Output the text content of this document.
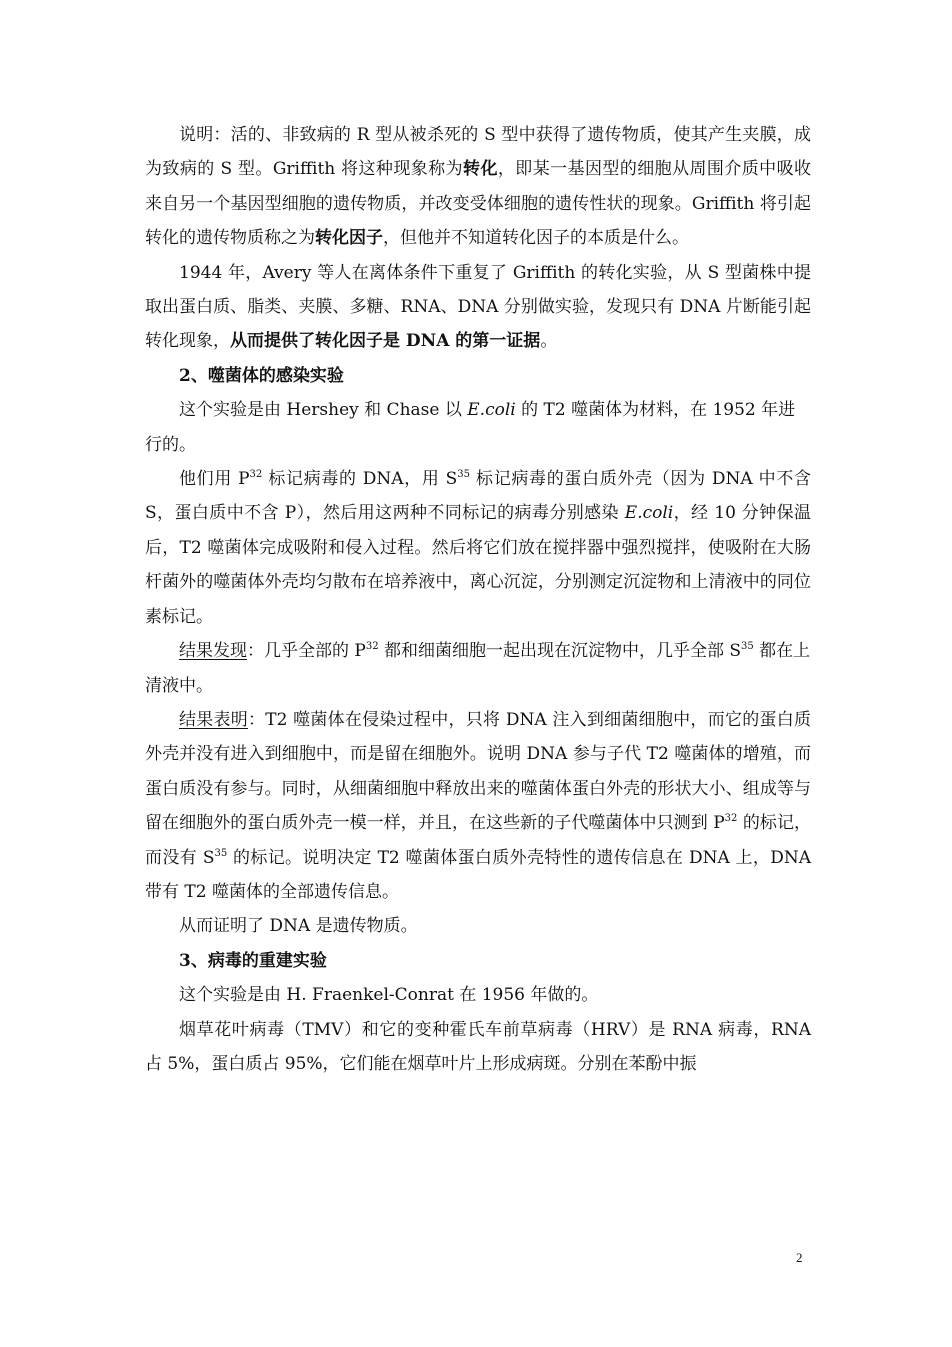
说明：活的、非致病的 R 型从被杀死的 S 型中获得了遗传物质，使其产生夹膜，成为致病的 S 型。Griffith 将这种现象称为转化，即某一基因型的细胞从周围介质中吸收来自另一个基因型细胞的遗传物质，并改变受体细胞的遗传性状的现象。Griffith 将引起转化的遗传物质称之为转化因子，但他并不知道转化因子的本质是什么。

1944 年，Avery 等人在离体条件下重复了 Griffith 的转化实验，从 S 型菌株中提取出蛋白质、脂类、夹膜、多糖、RNA、DNA 分别做实验，发现只有 DNA 片断能引起转化现象，从而提供了转化因子是 DNA 的第一证据。

2、噬菌体的感染实验

这个实验是由 Hershey 和 Chase 以 E.coli 的 T2 噬菌体为材料，在 1952 年进行的。

他们用 $P^{32}$ 标记病毒的 DNA，用 $S^{35}$ 标记病毒的蛋白质外壳（因为 DNA 中不含 S，蛋白质中不含 P），然后用这两种不同标记的病毒分别感染 E.coli，经 10 分钟保温后，T2 噬菌体完成吸附和侵入过程。然后将它们放在搅拌器中强烈搅拌，使吸附在大肠杆菌外的噬菌体外壳均匀散布在培养液中，离心沉淀，分别测定沉淀物和上清液中的同位素标记。

结果发现：几乎全部的 $P^{32}$ 都和细菌细胞一起出现在沉淀物中，几乎全部 $S^{35}$ 都在上清液中。

结果表明：T2 噬菌体在侵染过程中，只将 DNA 注入到细菌细胞中，而它的蛋白质外壳并没有进入到细胞中，而是留在细胞外。说明 DNA 参与子代 T2 噬菌体的增殖，而蛋白质没有参与。同时，从细菌细胞中释放出来的噬菌体蛋白外壳的形状大小、组成等与留在细胞外的蛋白质外壳一模一样，并且，在这些新的子代噬菌体中只测到 $P^{32}$ 的标记，而没有 $S^{35}$ 的标记。说明决定 T2 噬菌体蛋白质外壳特性的遗传信息在 DNA 上，DNA 带有 T2 噬菌体的全部遗传信息。

从而证明了 DNA 是遗传物质。

3、病毒的重建实验

这个实验是由 H. Fraenkel-Conrat 在 1956 年做的。

烟草花叶病毒（TMV）和它的变种霍氏车前草病毒（HRV）是 RNA 病毒，RNA 占 5%，蛋白质占 95%，它们能在烟草叶片上形成病斑。分别在苯酚中振

2
